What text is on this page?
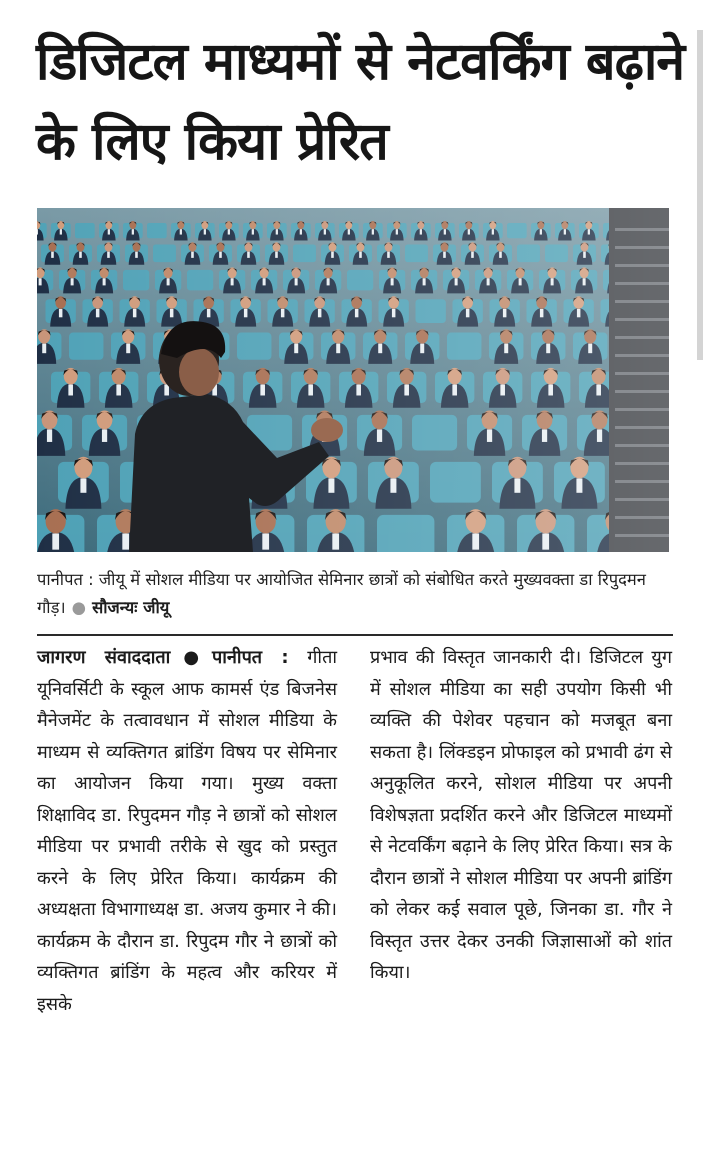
डिजिटल माध्यमों से नेटवर्किंग बढ़ाने के लिए किया प्रेरित

पानीपत : जीयू में सोशल मीडिया पर आयोजित सेमिनार छात्रों को संबोधित करते मुख्यवक्ता डा रिपुदमन गौड़। ● सौजन्यः जीयू

जागरण संवाददाता●पानीपत : गीता यूनिवर्सिटी के स्कूल आफ कामर्स एंड बिजनेस मैनेजमेंट के तत्वावधान में सोशल मीडिया के माध्यम से व्यक्तिगत ब्रांडिंग विषय पर सेमिनार का आयोजन किया गया। मुख्य वक्ता शिक्षाविद डा. रिपुदमन गौड़ ने छात्रों को सोशल मीडिया पर प्रभावी तरीके से खुद को प्रस्तुत करने के लिए प्रेरित किया। कार्यक्रम की अध्यक्षता विभागाध्यक्ष डा. अजय कुमार ने की। कार्यक्रम के दौरान डा. रिपुदम गौर ने छात्रों को व्यक्तिगत ब्रांडिंग के महत्व और करियर में इसके

प्रभाव की विस्तृत जानकारी दी। डिजिटल युग में सोशल मीडिया का सही उपयोग किसी भी व्यक्ति की पेशेवर पहचान को मजबूत बना सकता है। लिंक्डइन प्रोफाइल को प्रभावी ढंग से अनुकूलित करने, सोशल मीडिया पर अपनी विशेषज्ञता प्रदर्शित करने और डिजिटल माध्यमों से नेटवर्किंग बढ़ाने के लिए प्रेरित किया। सत्र के दौरान छात्रों ने सोशल मीडिया पर अपनी ब्रांडिंग को लेकर कई सवाल पूछे, जिनका डा. गौर ने विस्तृत उत्तर देकर उनकी जिज्ञासाओं को शांत किया।
